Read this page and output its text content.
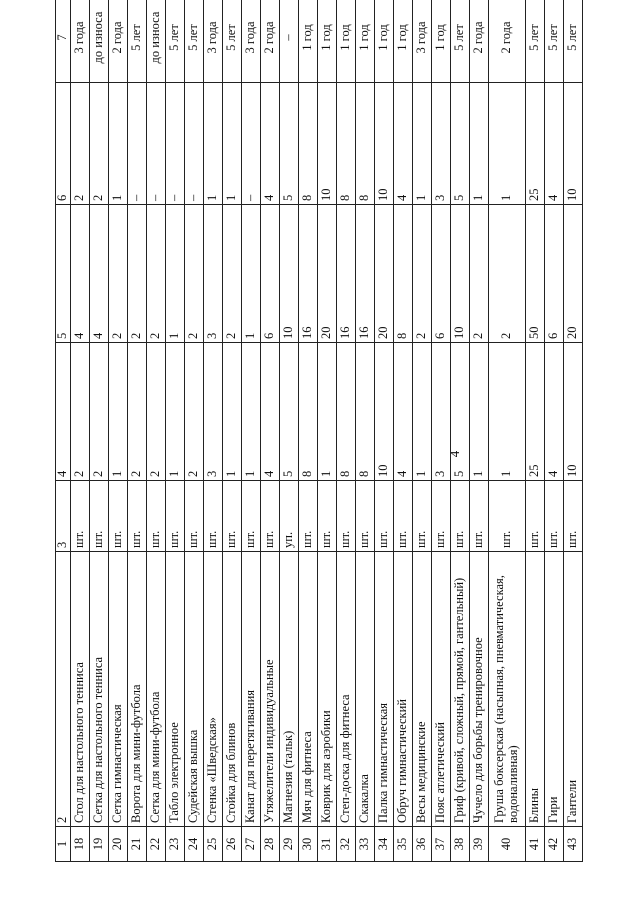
4
1	2	3	4	5	6	7
18	Стол для настольного тенниса	шт.	2	4	2	3 года
19	Сетка для настольного тенниса	шт.	2	4	2	до износа
20	Сетка гимнастическая	шт.	1	2	1	2 года
21	Ворота для мини-футбола	шт.	2	2	–	5 лет
22	Сетка для мини-футбола	шт.	2	2	–	до износа
23	Табло электронное	шт.	1	1	–	5 лет
24	Судейская вышка	шт.	2	2	–	5 лет
25	Стенка «Шведская»	шт.	3	3	1	3 года
26	Стойка для блинов	шт.	1	2	1	5 лет
27	Канат для перетягивания	шт.	1	1	–	3 года
28	Утяжелители индивидуальные	шт.	4	6	4	2 года
29	Магнезия (тальк)	уп.	5	10	5	–
30	Мяч для фитнеса	шт.	8	16	8	1 год
31	Коврик для аэробики	шт.	1	20	10	1 год
32	Степ-доска для фитнеса	шт.	8	16	8	1 год
33	Скакалка	шт.	8	16	8	1 год
34	Палка гимнастическая	шт.	10	20	10	1 год
35	Обруч гимнастический	шт.	4	8	4	1 год
36	Весы медицинские	шт.	1	2	1	3 года
37	Пояс атлетический	шт.	3	6	3	1 год
38	Гриф (кривой, сложный, прямой, гантельный)	шт.	5	10	5	5 лет
39	Чучело для борьбы тренировочное	шт.	1	2	1	2 года
40	Груша боксерская (насыпная, пневматическая, водоналивная)	шт.	1	2	1	2 года
41	Блины	шт.	25	50	25	5 лет
42	Гири	шт.	4	6	4	5 лет
43	Гантели	шт.	10	20	10	5 лет
